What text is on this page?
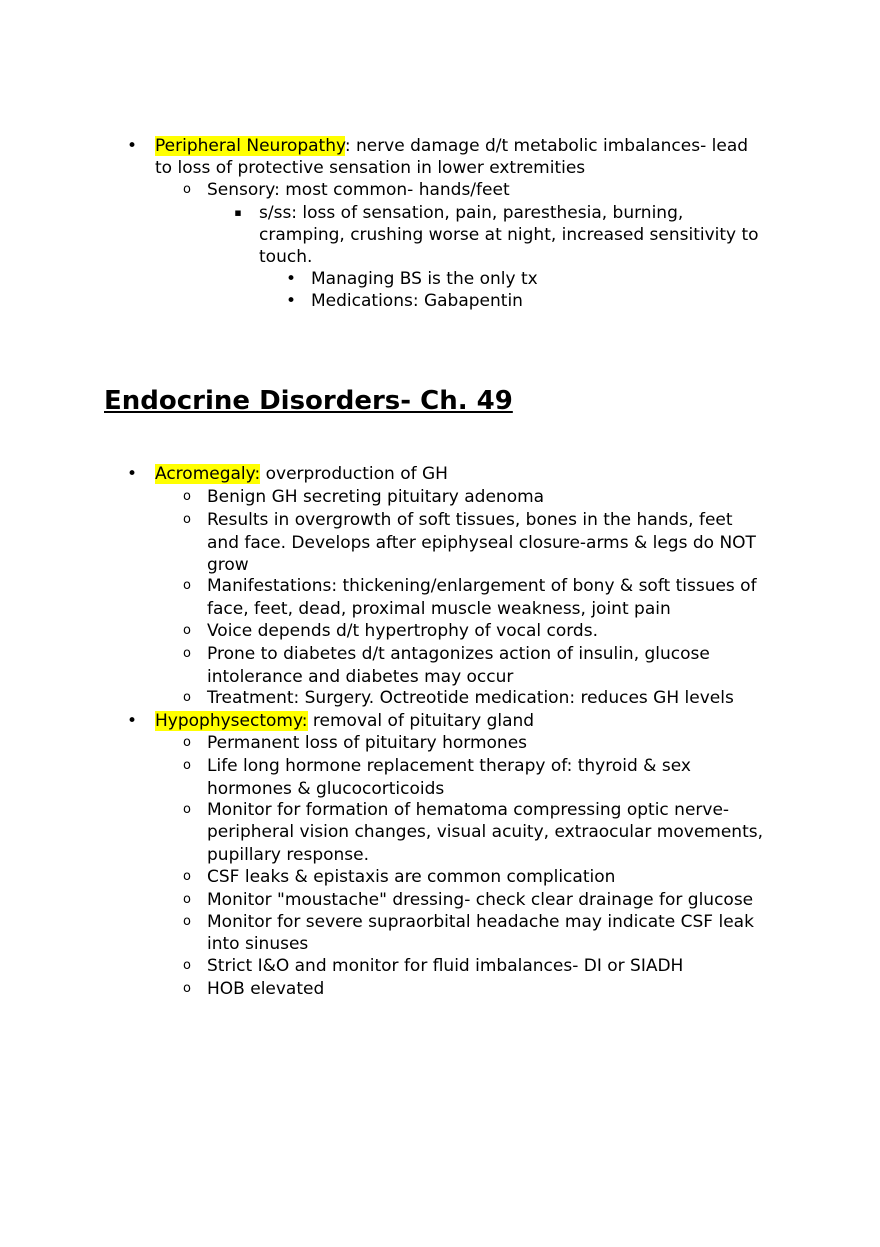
• Peripheral Neuropathy: nerve damage d/t metabolic imbalances- lead
to loss of protective sensation in lower extremities
o Sensory: most common- hands/feet
▪ s/ss: loss of sensation, pain, paresthesia, burning,
cramping, crushing worse at night, increased sensitivity to
touch.
• Managing BS is the only tx
• Medications: Gabapentin
Endocrine Disorders- Ch. 49
• Acromegaly: overproduction of GH
o Benign GH secreting pituitary adenoma
o Results in overgrowth of soft tissues, bones in the hands, feet
and face. Develops after epiphyseal closure-arms & legs do NOT
grow
o Manifestations: thickening/enlargement of bony & soft tissues of
face, feet, dead, proximal muscle weakness, joint pain
o Voice depends d/t hypertrophy of vocal cords.
o Prone to diabetes d/t antagonizes action of insulin, glucose
intolerance and diabetes may occur
o Treatment: Surgery. Octreotide medication: reduces GH levels
• Hypophysectomy: removal of pituitary gland
o Permanent loss of pituitary hormones
o Life long hormone replacement therapy of: thyroid & sex
hormones & glucocorticoids
o Monitor for formation of hematoma compressing optic nerve-
peripheral vision changes, visual acuity, extraocular movements,
pupillary response.
o CSF leaks & epistaxis are common complication
o Monitor "moustache" dressing- check clear drainage for glucose
o Monitor for severe supraorbital headache may indicate CSF leak
into sinuses
o Strict I&O and monitor for fluid imbalances- DI or SIADH
o HOB elevated
